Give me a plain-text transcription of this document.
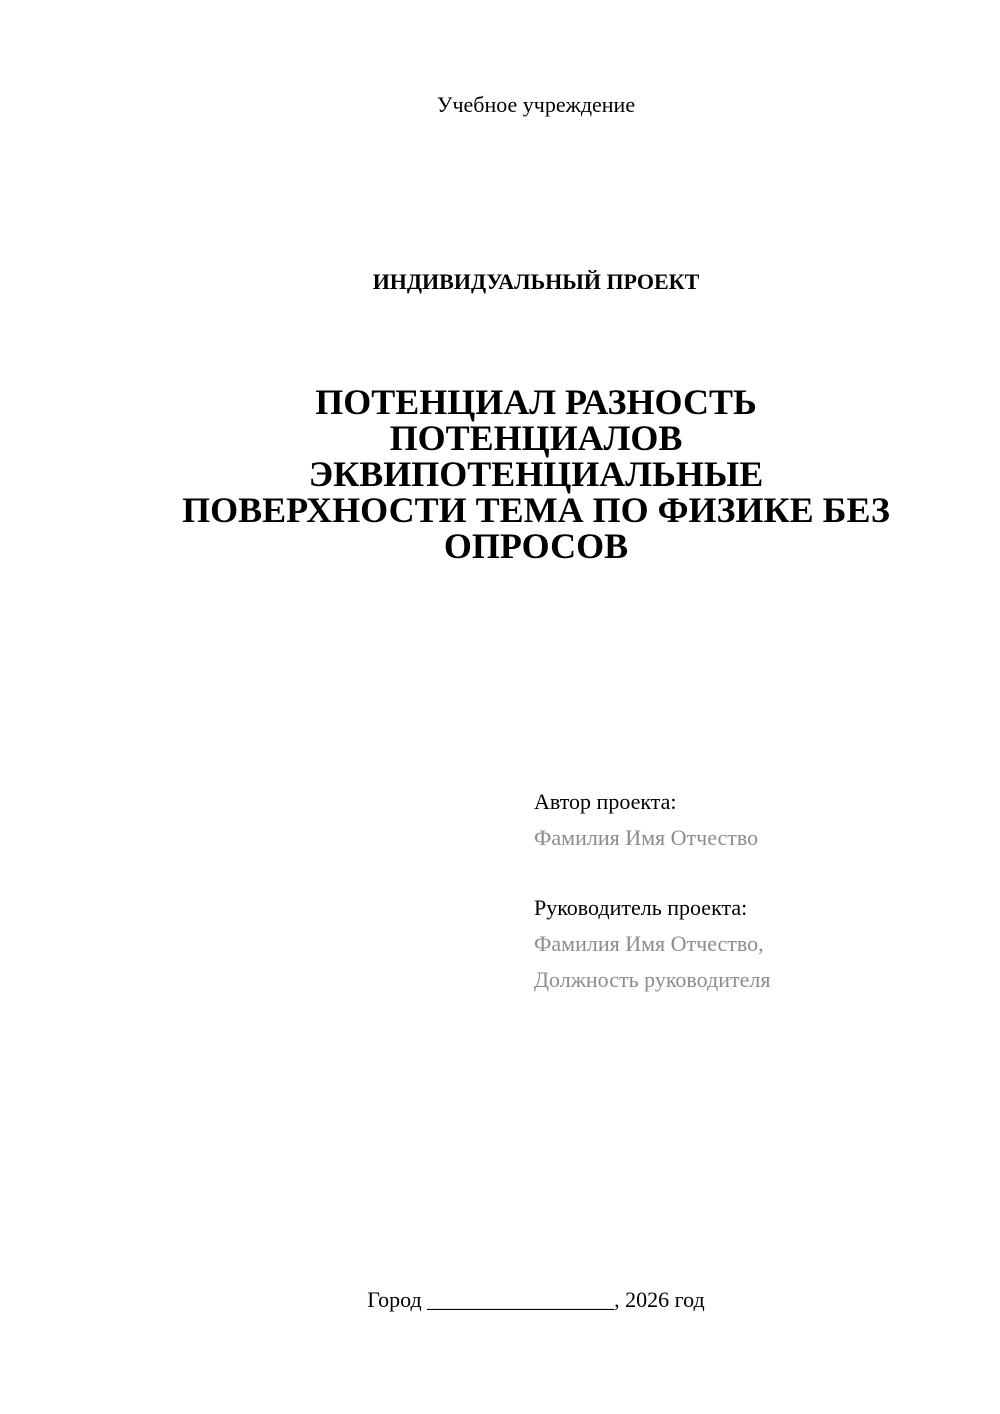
Учебное учреждение
ИНДИВИДУАЛЬНЫЙ ПРОЕКТ
ПОТЕНЦИАЛ РАЗНОСТЬ
ПОТЕНЦИАЛОВ
ЭКВИПОТЕНЦИАЛЬНЫЕ
ПОВЕРХНОСТИ ТЕМА ПО ФИЗИКЕ БЕЗ
ОПРОСОВ
Автор проекта:
Фамилия Имя Отчество
Руководитель проекта:
Фамилия Имя Отчество,
Должность руководителя
Город _________________, 2026 год
